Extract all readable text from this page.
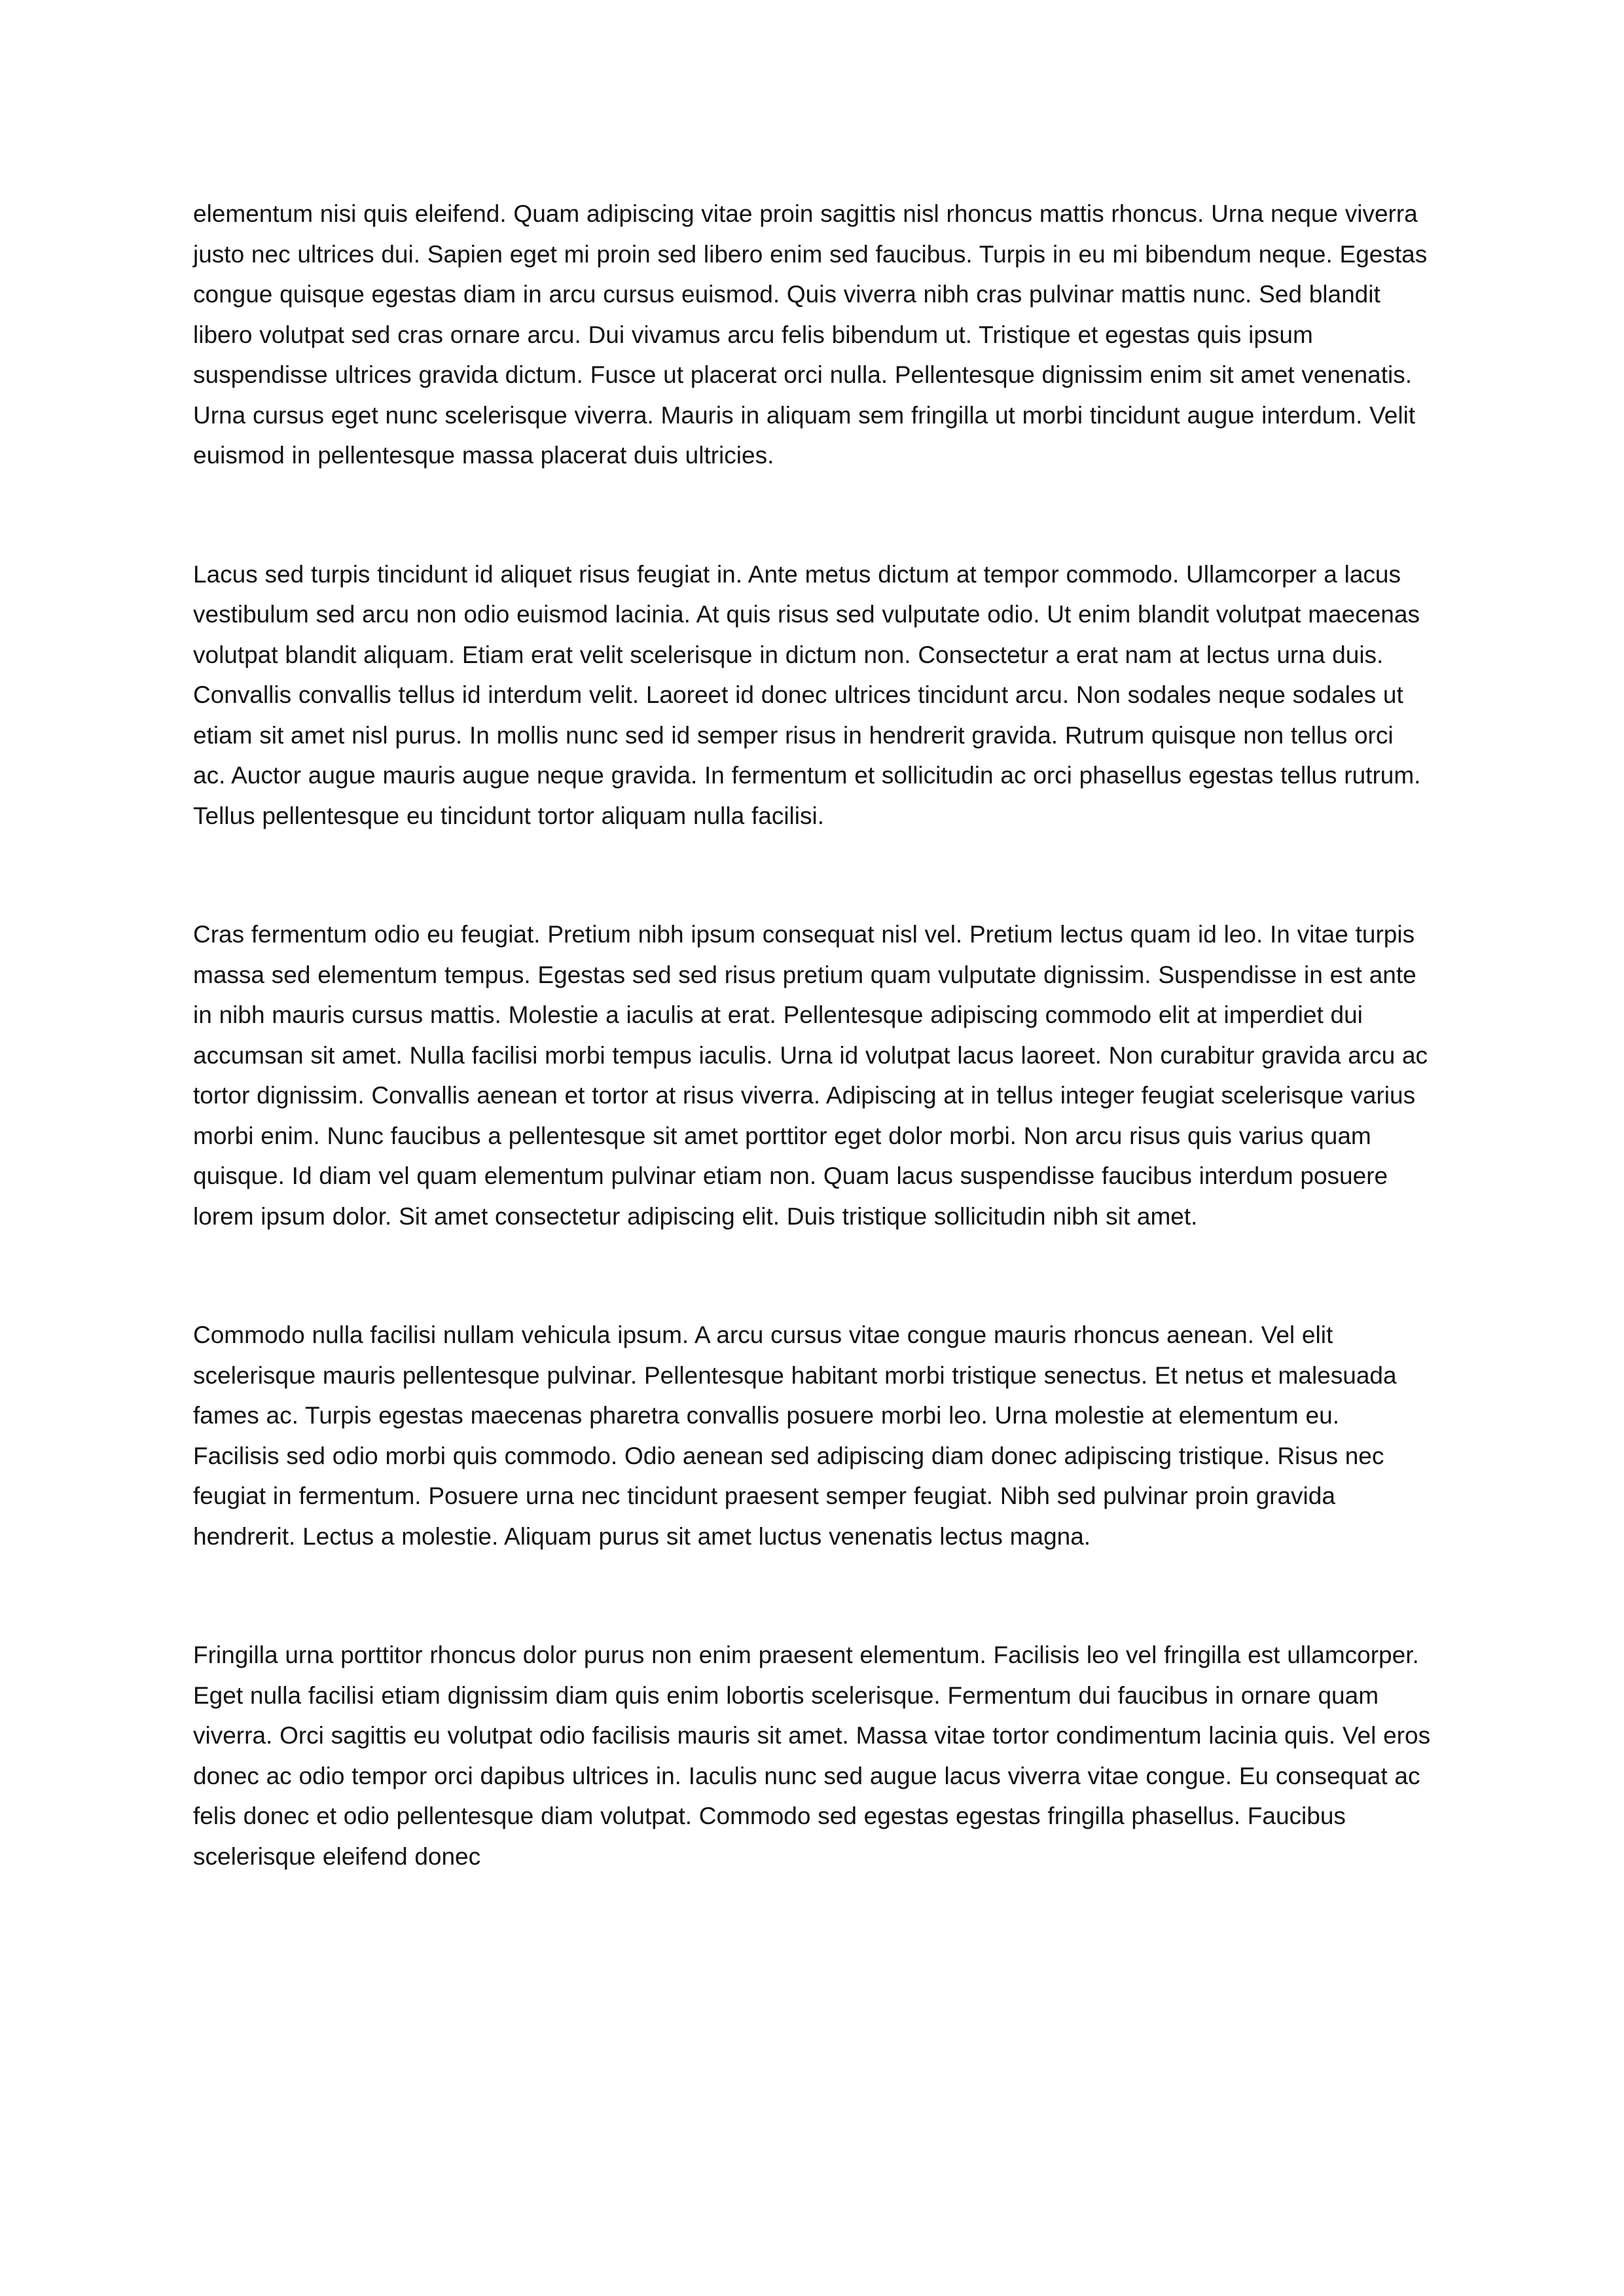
elementum nisi quis eleifend. Quam adipiscing vitae proin sagittis nisl rhoncus mattis rhoncus. Urna neque viverra justo nec ultrices dui. Sapien eget mi proin sed libero enim sed faucibus. Turpis in eu mi bibendum neque. Egestas congue quisque egestas diam in arcu cursus euismod. Quis viverra nibh cras pulvinar mattis nunc. Sed blandit libero volutpat sed cras ornare arcu. Dui vivamus arcu felis bibendum ut. Tristique et egestas quis ipsum suspendisse ultrices gravida dictum. Fusce ut placerat orci nulla. Pellentesque dignissim enim sit amet venenatis. Urna cursus eget nunc scelerisque viverra. Mauris in aliquam sem fringilla ut morbi tincidunt augue interdum. Velit euismod in pellentesque massa placerat duis ultricies.

Lacus sed turpis tincidunt id aliquet risus feugiat in. Ante metus dictum at tempor commodo. Ullamcorper a lacus vestibulum sed arcu non odio euismod lacinia. At quis risus sed vulputate odio. Ut enim blandit volutpat maecenas volutpat blandit aliquam. Etiam erat velit scelerisque in dictum non. Consectetur a erat nam at lectus urna duis. Convallis convallis tellus id interdum velit. Laoreet id donec ultrices tincidunt arcu. Non sodales neque sodales ut etiam sit amet nisl purus. In mollis nunc sed id semper risus in hendrerit gravida. Rutrum quisque non tellus orci ac. Auctor augue mauris augue neque gravida. In fermentum et sollicitudin ac orci phasellus egestas tellus rutrum. Tellus pellentesque eu tincidunt tortor aliquam nulla facilisi.

Cras fermentum odio eu feugiat. Pretium nibh ipsum consequat nisl vel. Pretium lectus quam id leo. In vitae turpis massa sed elementum tempus. Egestas sed sed risus pretium quam vulputate dignissim. Suspendisse in est ante in nibh mauris cursus mattis. Molestie a iaculis at erat. Pellentesque adipiscing commodo elit at imperdiet dui accumsan sit amet. Nulla facilisi morbi tempus iaculis. Urna id volutpat lacus laoreet. Non curabitur gravida arcu ac tortor dignissim. Convallis aenean et tortor at risus viverra. Adipiscing at in tellus integer feugiat scelerisque varius morbi enim. Nunc faucibus a pellentesque sit amet porttitor eget dolor morbi. Non arcu risus quis varius quam quisque. Id diam vel quam elementum pulvinar etiam non. Quam lacus suspendisse faucibus interdum posuere lorem ipsum dolor. Sit amet consectetur adipiscing elit. Duis tristique sollicitudin nibh sit amet.

Commodo nulla facilisi nullam vehicula ipsum. A arcu cursus vitae congue mauris rhoncus aenean. Vel elit scelerisque mauris pellentesque pulvinar. Pellentesque habitant morbi tristique senectus. Et netus et malesuada fames ac. Turpis egestas maecenas pharetra convallis posuere morbi leo. Urna molestie at elementum eu. Facilisis sed odio morbi quis commodo. Odio aenean sed adipiscing diam donec adipiscing tristique. Risus nec feugiat in fermentum. Posuere urna nec tincidunt praesent semper feugiat. Nibh sed pulvinar proin gravida hendrerit. Lectus a molestie. Aliquam purus sit amet luctus venenatis lectus magna.

Fringilla urna porttitor rhoncus dolor purus non enim praesent elementum. Facilisis leo vel fringilla est ullamcorper. Eget nulla facilisi etiam dignissim diam quis enim lobortis scelerisque. Fermentum dui faucibus in ornare quam viverra. Orci sagittis eu volutpat odio facilisis mauris sit amet. Massa vitae tortor condimentum lacinia quis. Vel eros donec ac odio tempor orci dapibus ultrices in. Iaculis nunc sed augue lacus viverra vitae congue. Eu consequat ac felis donec et odio pellentesque diam volutpat. Commodo sed egestas egestas fringilla phasellus. Faucibus scelerisque eleifend donec
